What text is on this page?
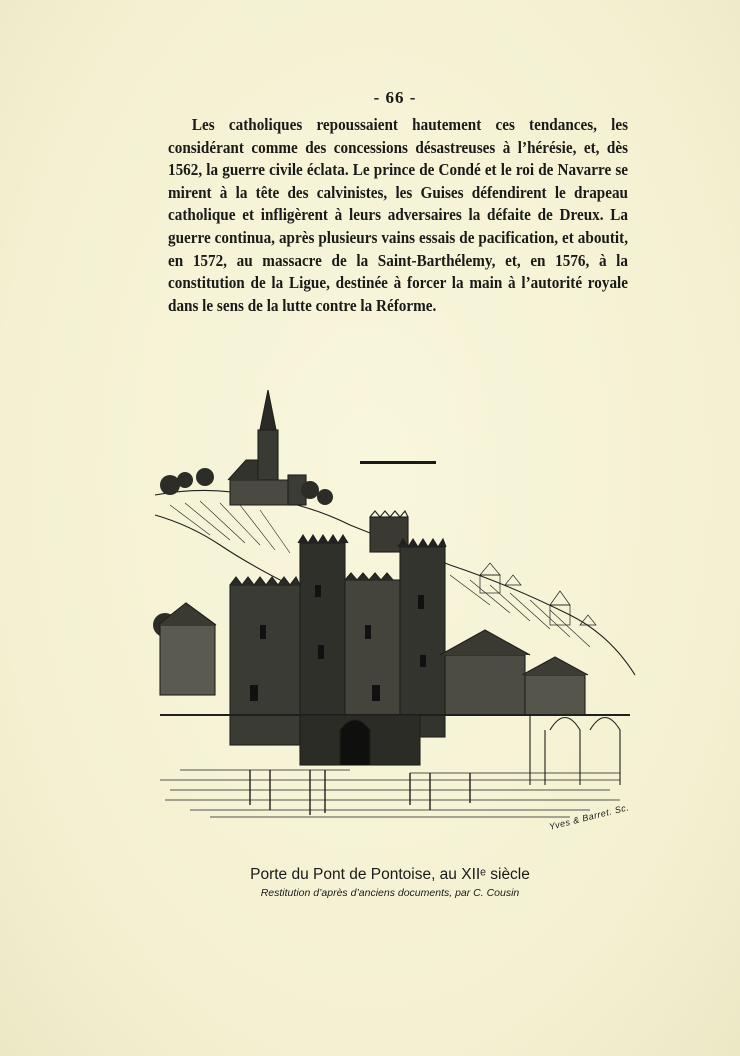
- 66 -

Les catholiques repoussaient hautement ces tendances, les considérant comme des concessions désastreuses à l’hérésie, et, dès 1562, la guerre civile éclata. Le prince de Condé et le roi de Navarre se mirent à la tête des calvinistes, les Guises défendirent le drapeau catholique et infligèrent à leurs adversaires la défaite de Dreux. La guerre continua, après plusieurs vains essais de pacification, et aboutit, en 1572, au massacre de la Saint-Barthélemy, et, en 1576, à la constitution de la Ligue, destinée à forcer la main à l’autorité royale dans le sens de la lutte contre la Réforme.

Yves & Barret. Sc.
Porte du Pont de Pontoise, au XIIᵉ siècle
Restitution d’après d’anciens documents, par C. Cousin
